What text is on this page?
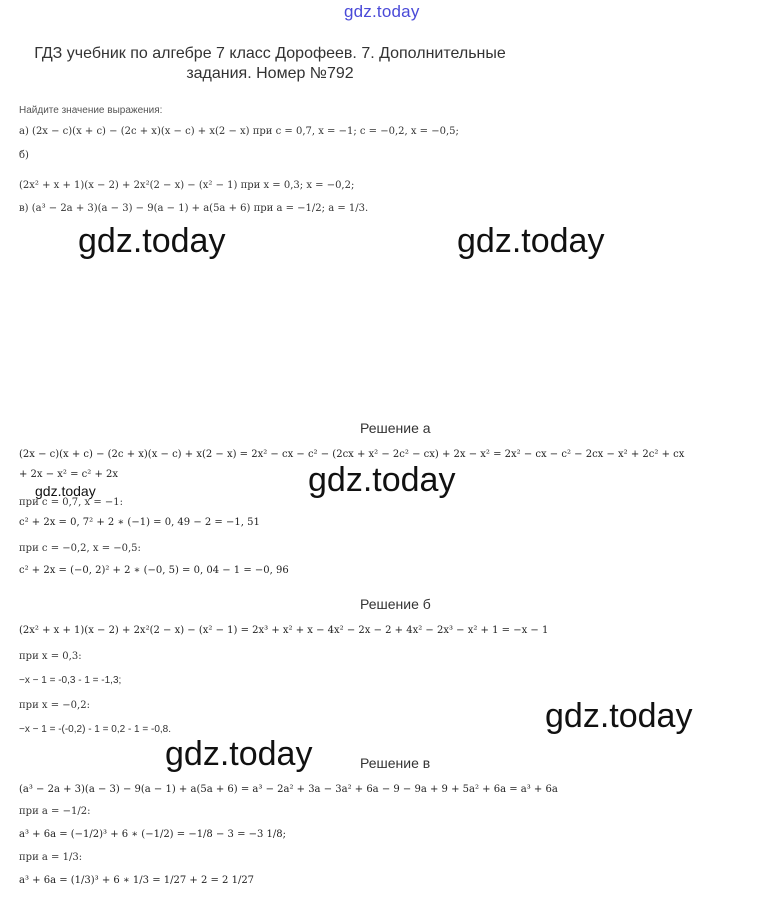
gdz.today
ГДЗ учебник по алгебре 7 класс Дорофеев. 7. Дополнительные
задания. Номер №792
Найдите значение выражения:
а) (2x − c)(x + c) − (2c + x)(x − c) + x(2 − x) при c = 0,7, x = −1; c = −0,2, x = −0,5;
б)
(2x² + x + 1)(x − 2) + 2x²(2 − x) − (x² − 1) при x = 0,3; x = −0,2;
в) (a³ − 2a + 3)(a − 3) − 9(a − 1) + a(5a + 6) при a = −1/2; a = 1/3.
gdz.today	gdz.today
Решение а
(2x − c)(x + c) − (2c + x)(x − c) + x(2 − x) = 2x² − cx − c² − (2cx + x² − 2c² − cx) + 2x − x² = 2x² − cx − c² − 2cx − x² + 2c² + cx
+ 2x − x² = c² + 2x	gdz.today
gdz.today
при c = 0,7, x = −1:
c² + 2x = 0, 7² + 2 ∗ (−1) = 0, 49 − 2 = −1, 51
при c = −0,2, x = −0,5:
c² + 2x = (−0, 2)² + 2 ∗ (−0, 5) = 0, 04 − 1 = −0, 96
Решение б
(2x² + x + 1)(x − 2) + 2x²(2 − x) − (x² − 1) = 2x³ + x² + x − 4x² − 2x − 2 + 4x² − 2x³ − x² + 1 = −x − 1
при x = 0,3:
−x − 1 = -0,3 - 1 = -1,3;
при x = −0,2:
−x − 1 = -(-0,2) - 1 = 0,2 - 1 = -0,8.	gdz.today
gdz.today	Решение в
(a³ − 2a + 3)(a − 3) − 9(a − 1) + a(5a + 6) = a³ − 2a² + 3a − 3a² + 6a − 9 − 9a + 9 + 5a² + 6a = a³ + 6a
при a = −1/2:
a³ + 6a = (−1/2)³ + 6 ∗ (−1/2) = −1/8 − 3 = −3 1/8;
при a = 1/3:
a³ + 6a = (1/3)³ + 6 ∗ 1/3 = 1/27 + 2 = 2 1/27
